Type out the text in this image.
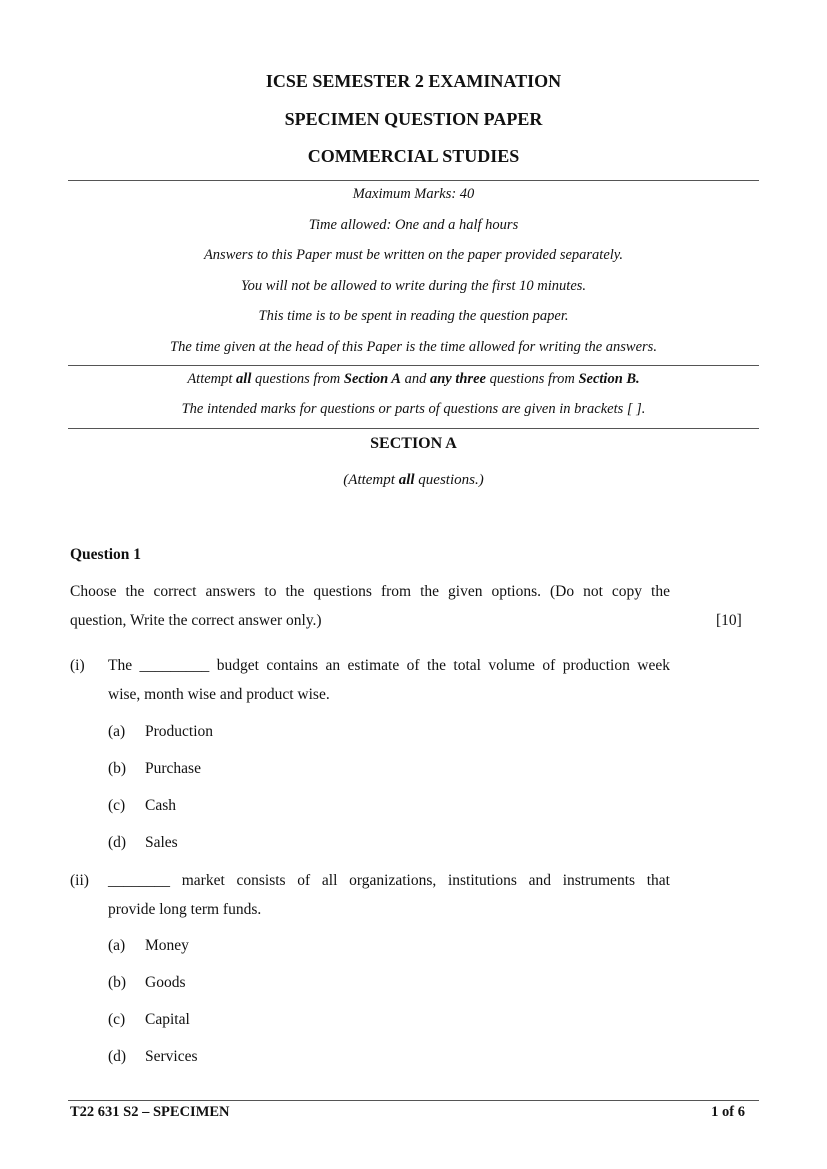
ICSE SEMESTER 2 EXAMINATION
SPECIMEN QUESTION PAPER
COMMERCIAL STUDIES
Maximum Marks: 40
Time allowed: One and a half hours
Answers to this Paper must be written on the paper provided separately.
You will not be allowed to write during the first 10 minutes.
This time is to be spent in reading the question paper.
The time given at the head of this Paper is the time allowed for writing the answers.
Attempt all questions from Section A and any three questions from Section B.
The intended marks for questions or parts of questions are given in brackets [ ].
SECTION A
(Attempt all questions.)
Question 1
Choose the correct answers to the questions from the given options. (Do not copy the
question, Write the correct answer only.)	[10]
(i) The _________ budget contains an estimate of the total volume of production week
wise, month wise and product wise.
(a) Production
(b) Purchase
(c) Cash
(d) Sales
(ii) ________ market consists of all organizations, institutions and instruments that
provide long term funds.
(a) Money
(b) Goods
(c) Capital
(d) Services
T22 631 S2 – SPECIMEN	1 of 6
